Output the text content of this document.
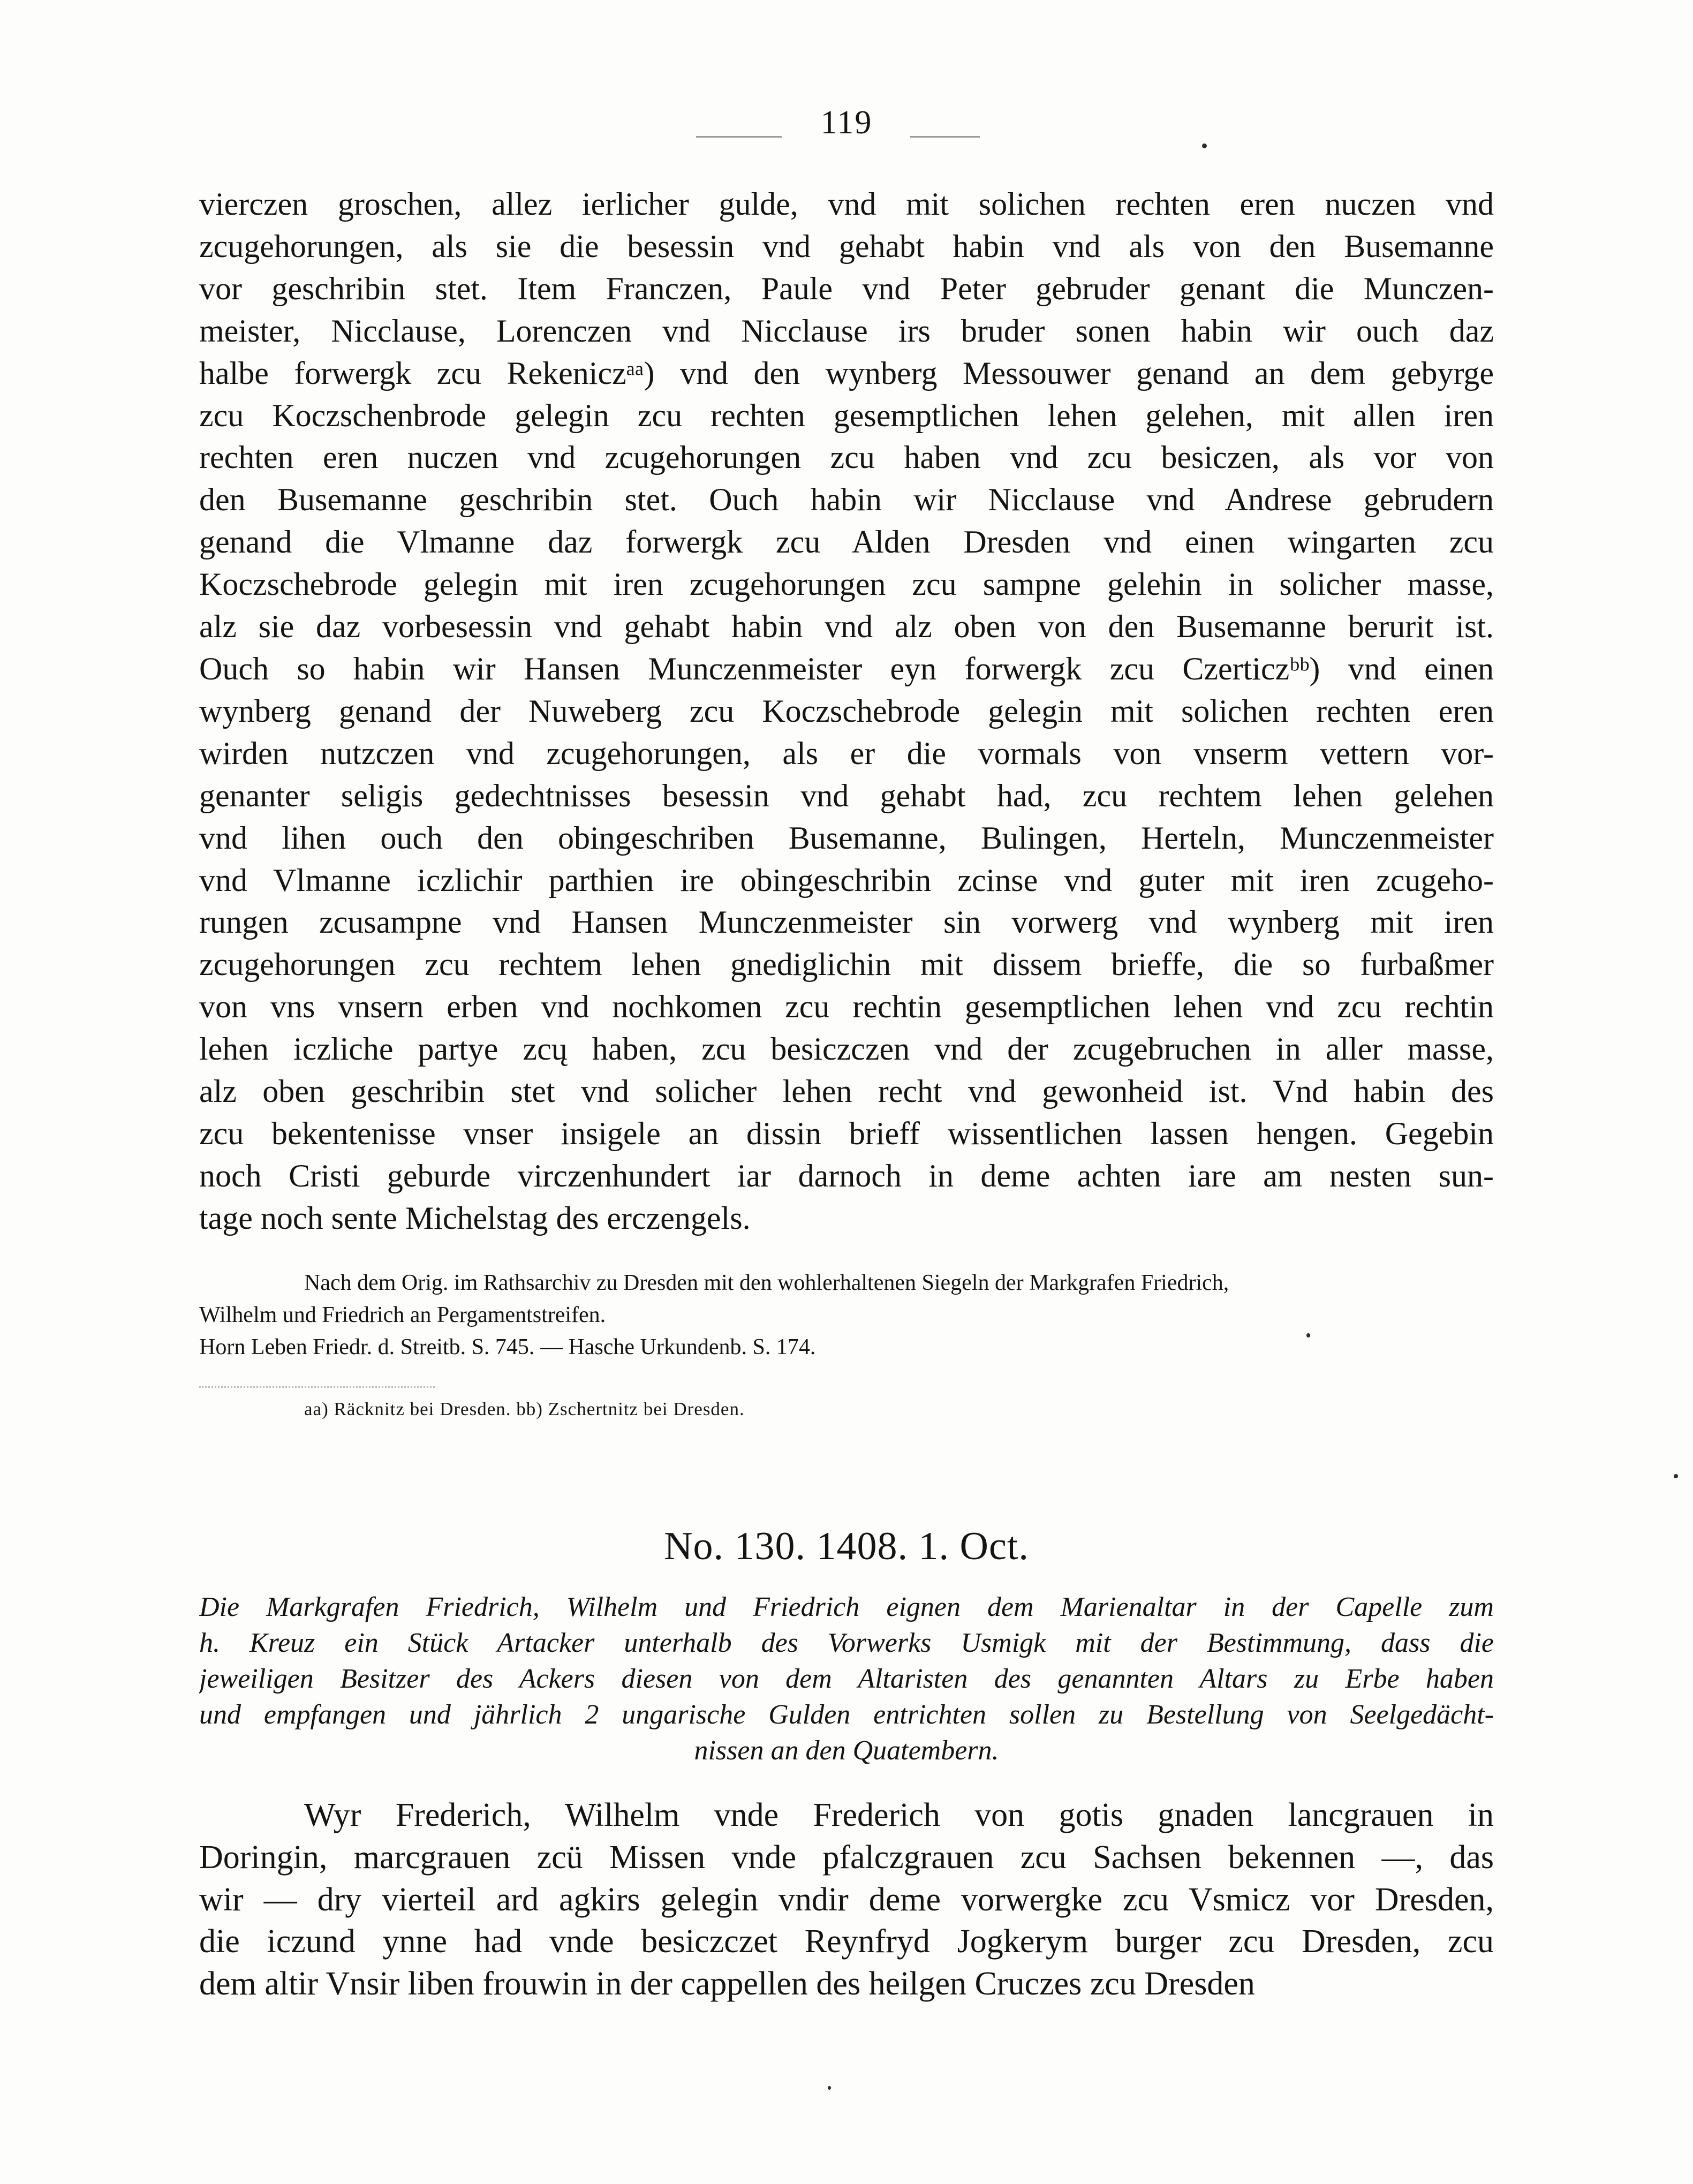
119
vierczen groschen, allez ierlicher gulde, vnd mit solichen rechten eren nuczen vnd
zcugehorungen, als sie die besessin vnd gehabt habin vnd als von den Busemanne
vor geschribin stet. Item Franczen, Paule vnd Peter gebruder genant die Munczen-
meister, Nicclause, Lorenczen vnd Nicclause irs bruder sonen habin wir ouch daz
halbe forwergk zcu Rekeniczᵃᵃ) vnd den wynberg Messouwer genand an dem gebyrge
zcu Koczschenbrode gelegin zcu rechten gesemptlichen lehen gelehen, mit allen iren
rechten eren nuczen vnd zcugehorungen zcu haben vnd zcu besiczen, als vor von
den Busemanne geschribin stet. Ouch habin wir Nicclause vnd Andrese gebrudern
genand die Vlmanne daz forwergk zcu Alden Dresden vnd einen wingarten zcu
Koczschebrode gelegin mit iren zcugehorungen zcu sampne gelehin in solicher masse,
alz sie daz vorbesessin vnd gehabt habin vnd alz oben von den Busemanne berurit ist.
Ouch so habin wir Hansen Munczenmeister eyn forwergk zcu Czerticzᵇᵇ) vnd einen
wynberg genand der Nuweberg zcu Koczschebrode gelegin mit solichen rechten eren
wirden nutzczen vnd zcugehorungen, als er die vormals von vnserm vettern vor-
genanter seligis gedechtnisses besessin vnd gehabt had, zcu rechtem lehen gelehen
vnd lihen ouch den obingeschriben Busemanne, Bulingen, Herteln, Munczenmeister
vnd Vlmanne iczlichir parthien ire obingeschribin zcinse vnd guter mit iren zcugeho-
rungen zcusampne vnd Hansen Munczenmeister sin vorwerg vnd wynberg mit iren
zcugehorungen zcu rechtem lehen gnediglichin mit dissem brieffe, die so furbaßmer
von vns vnsern erben vnd nochkomen zcu rechtin gesemptlichen lehen vnd zcu rechtin
lehen iczliche partye zcų haben, zcu besiczczen vnd der zcugebruchen in aller masse,
alz oben geschribin stet vnd solicher lehen recht vnd gewonheid ist. Vnd habin des
zcu bekentenisse vnser insigele an dissin brieff wissentlichen lassen hengen. Gegebin
noch Cristi geburde virczenhundert iar darnoch in deme achten iare am nesten sun-
tage noch sente Michelstag des erczengels.
Nach dem Orig. im Rathsarchiv zu Dresden mit den wohlerhaltenen Siegeln der Markgrafen Friedrich,
Wilhelm und Friedrich an Pergamentstreifen.
Horn Leben Friedr. d. Streitb. S. 745. — Hasche Urkundenb. S. 174.
aa) Räcknitz bei Dresden. bb) Zschertnitz bei Dresden.
No. 130. 1408. 1. Oct.
Die Markgrafen Friedrich, Wilhelm und Friedrich eignen dem Marienaltar in der Capelle zum
h. Kreuz ein Stück Artacker unterhalb des Vorwerks Usmigk mit der Bestimmung, dass die
jeweiligen Besitzer des Ackers diesen von dem Altaristen des genannten Altars zu Erbe haben
und empfangen und jährlich 2 ungarische Gulden entrichten sollen zu Bestellung von Seelgedächt-
nissen an den Quatembern.
Wyr Frederich, Wilhelm vnde Frederich von gotis gnaden lancgrauen in
Doringin, marcgrauen zcü Missen vnde pfalczgrauen zcu Sachsen bekennen —, das
wir — dry vierteil ard agkirs gelegin vndir deme vorwergke zcu Vsmicz vor Dresden,
die iczund ynne had vnde besiczczet Reynfryd Jogkerym burger zcu Dresden, zcu
dem altir Vnsir liben frouwin in der cappellen des heilgen Cruczes zcu Dresden
